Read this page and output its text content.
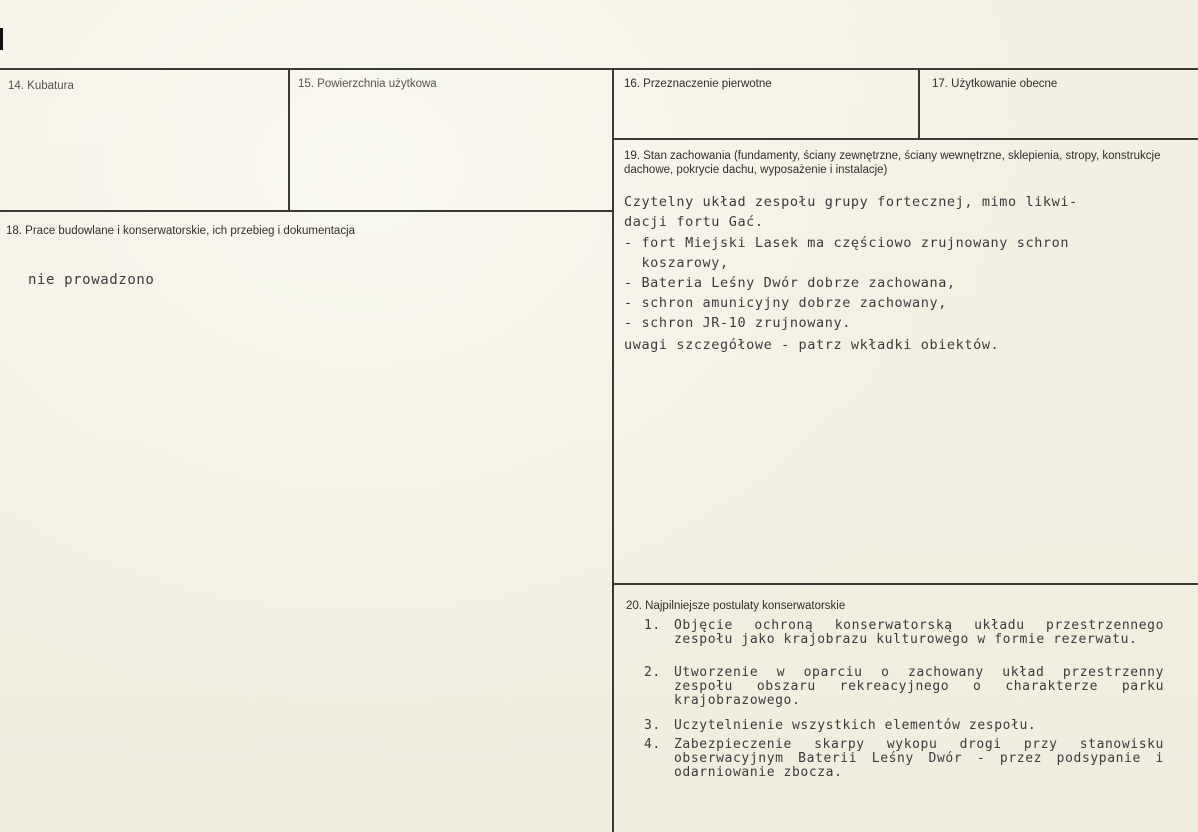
14. Kubatura	15. Powierzchnia użytkowa	16. Przeznaczenie pierwotne	17. Użytkowanie obecne
18. Prace budowlane i konserwatorskie, ich przebieg i dokumentacja
19. Stan zachowania (fundamenty, ściany zewnętrzne, ściany wewnętrzne, sklepienia, stropy, konstrukcje dachowe, pokrycie dachu, wyposażenie i instalacje)
20. Najpilniejsze postulaty konserwatorskie
nie prowadzono
Czytelny układ zespołu grupy fortecznej, mimo likwi-
dacji fortu Gać.
- fort Miejski Lasek ma częściowo zrujnowany schron
koszarowy,
- Bateria Leśny Dwór dobrze zachowana,
- schron amunicyjny dobrze zachowany,
- schron JR-10 zrujnowany.
uwagi szczegółowe - patrz wkładki obiektów.
1. Objęcie ochroną konserwatorską układu przestrzennego zespołu jako krajobrazu kulturowego w formie rezerwatu.
2. Utworzenie w oparciu o zachowany układ przestrzenny zespołu obszaru rekreacyjnego o charakterze parku krajobrazowego.
3. Uczytelnienie wszystkich elementów zespołu.
4. Zabezpieczenie skarpy wykopu drogi przy stanowisku obserwacyjnym Baterii Leśny Dwór - przez podsypanie i odarniowanie zbocza.
